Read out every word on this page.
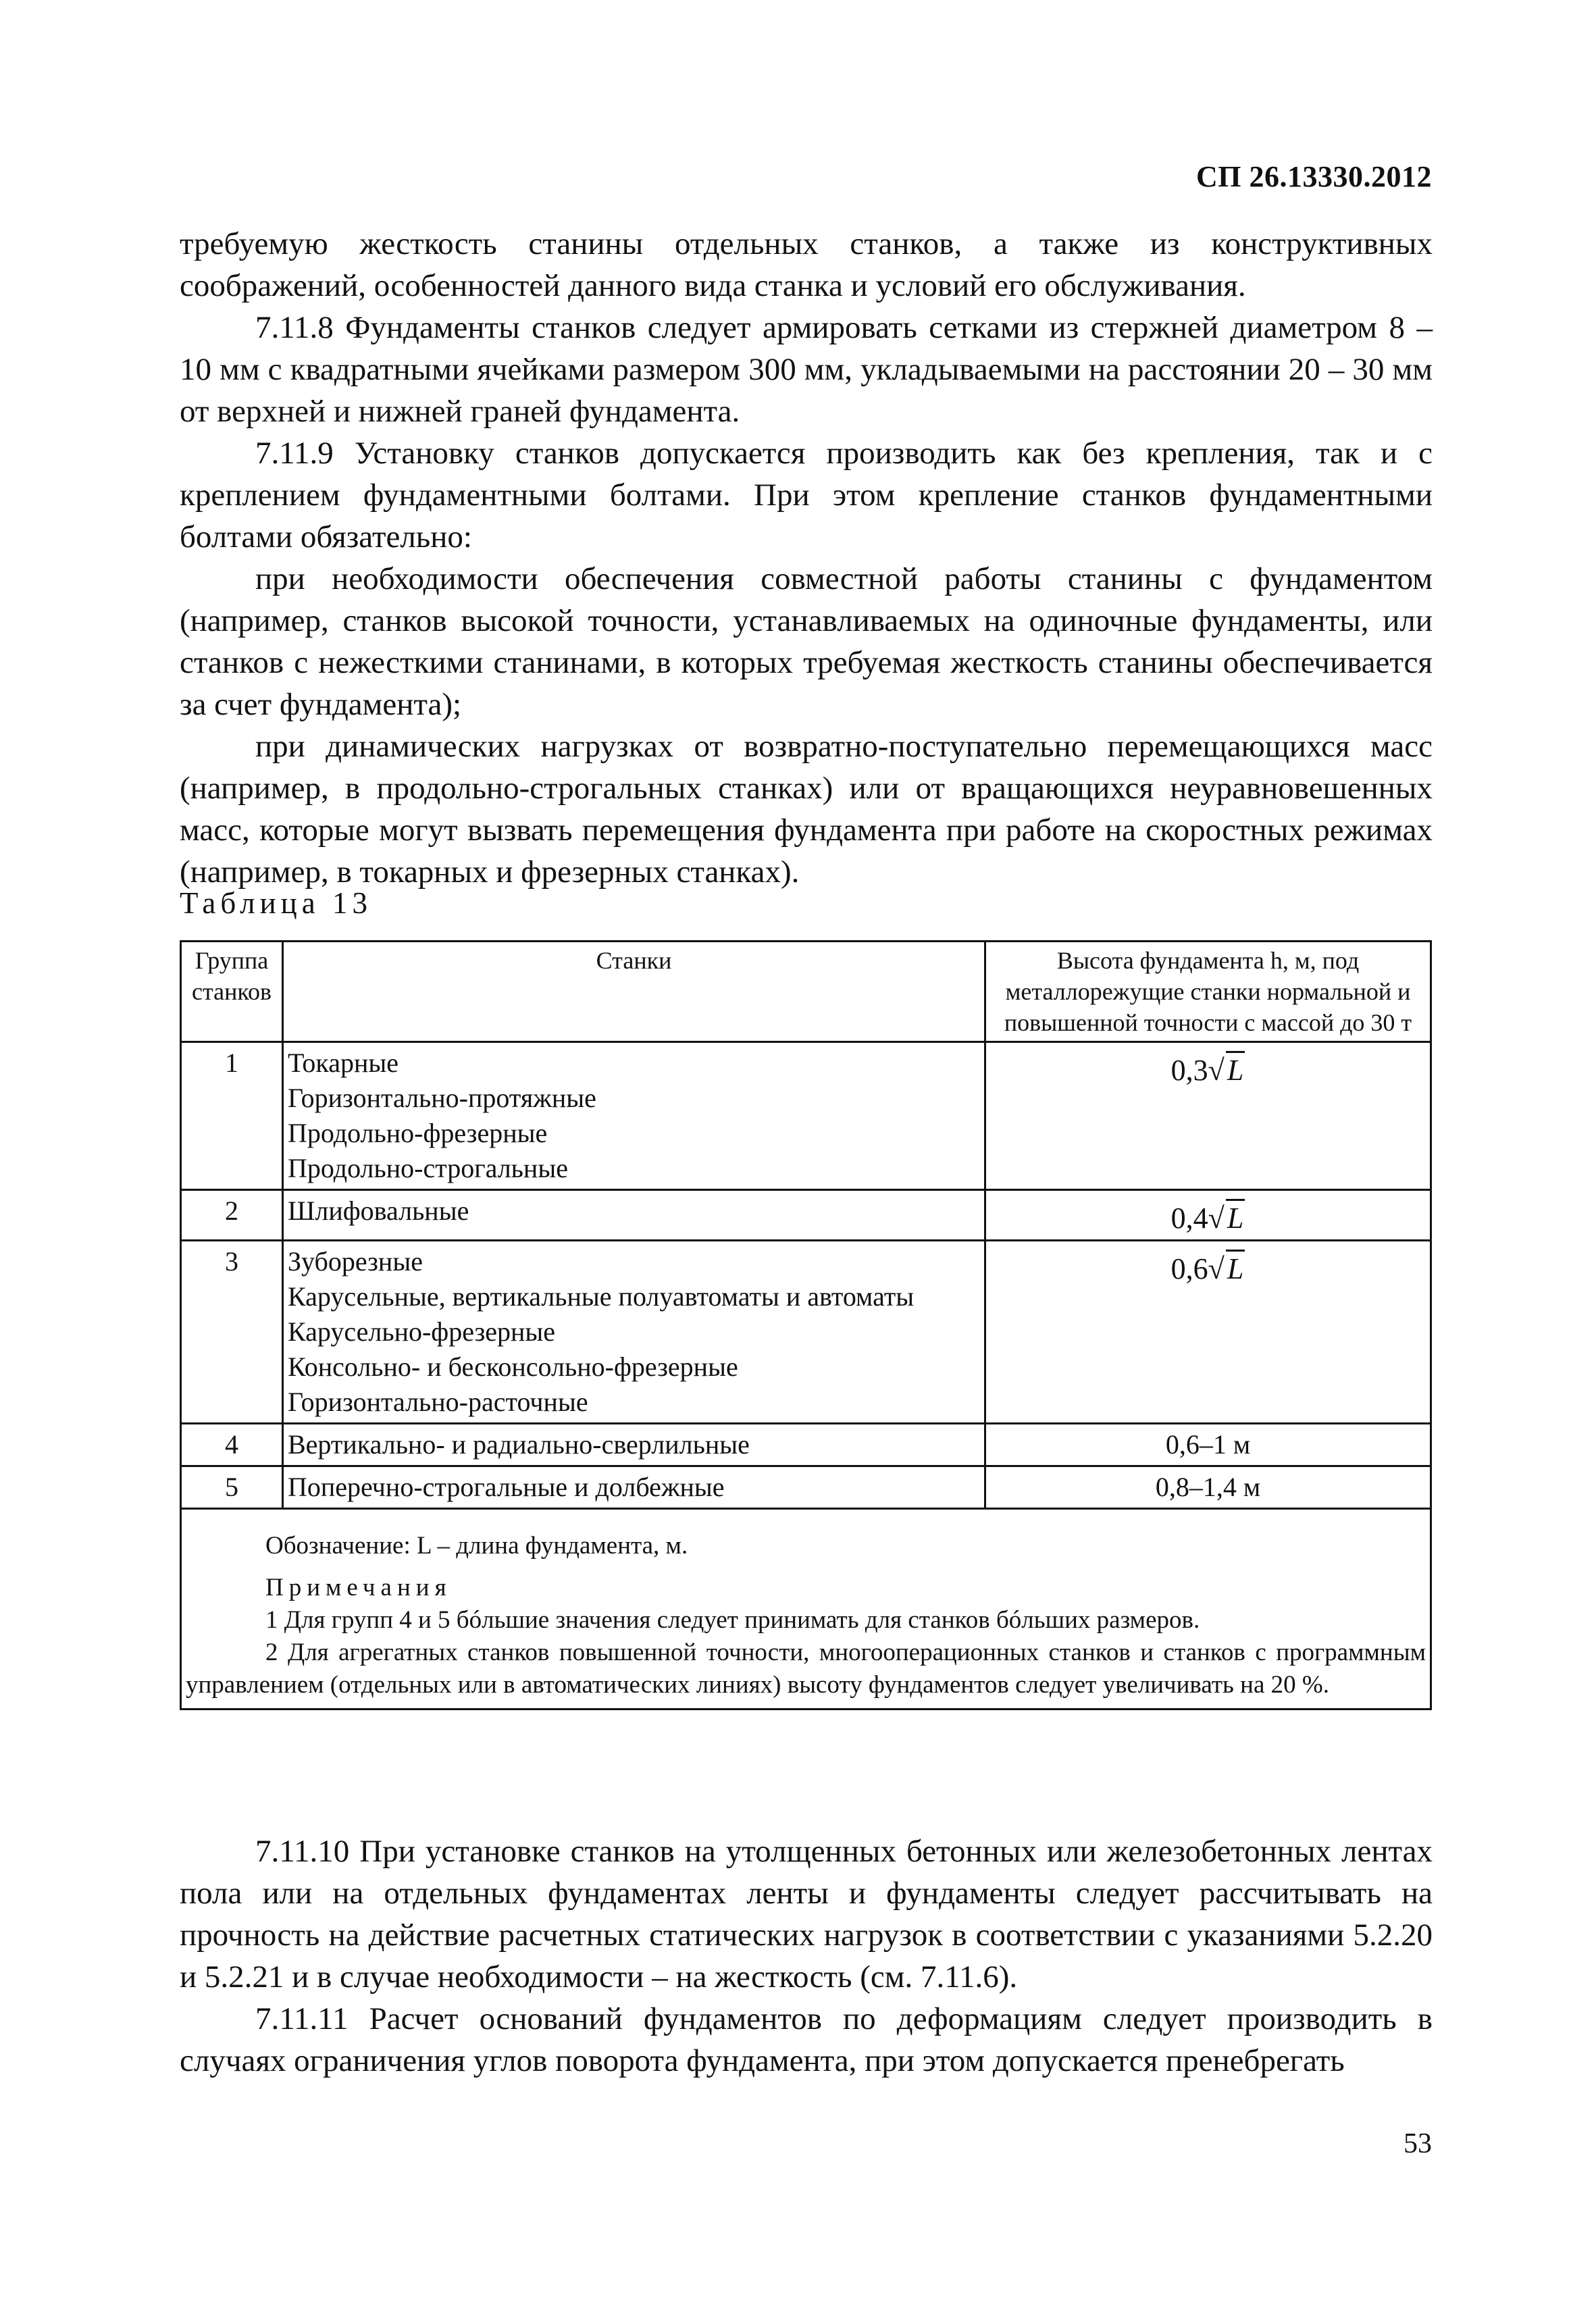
СП 26.13330.2012

требуемую жесткость станины отдельных станков, а также из конструктивных соображений, особенностей данного вида станка и условий его обслуживания.

7.11.8 Фундаменты станков следует армировать сетками из стержней диаметром 8 – 10 мм с квадратными ячейками размером 300 мм, укладываемыми на расстоянии 20 – 30 мм от верхней и нижней граней фундамента.

7.11.9 Установку станков допускается производить как без крепления, так и с креплением фундаментными болтами. При этом крепление станков фундаментными болтами обязательно:

при необходимости обеспечения совместной работы станины с фундаментом (например, станков высокой точности, устанавливаемых на одиночные фундаменты, или станков с нежесткими станинами, в которых требуемая жесткость станины обеспечивается за счет фундамента);

при динамических нагрузках от возвратно-поступательно перемещающихся масс (например, в продольно-строгальных станках) или от вращающихся неуравновешенных масс, которые могут вызвать перемещения фундамента при работе на скоростных режимах (например, в токарных и фрезерных станках).

Таблица 13
Группа станков	Станки	Высота фундамента h, м, под металлорежущие станки нормальной и повышенной точности с массой до 30 т
1	Токарные
Горизонтально-протяжные
Продольно-фрезерные
Продольно-строгальные	0,3√L
2	Шлифовальные	0,4√L
3	Зуборезные
Карусельные, вертикальные полуавтоматы и автоматы
Карусельно-фрезерные
Консольно- и бесконсольно-фрезерные
Горизонтально-расточные	0,6√L
4	Вертикально- и радиально-сверлильные	0,6–1 м
5	Поперечно-строгальные и долбежные	0,8–1,4 м

Обозначение: L – длина фундамента, м.

Примечания

1 Для групп 4 и 5 бóльшие значения следует принимать для станков бóльших размеров.

2 Для агрегатных станков повышенной точности, многооперационных станков и станков с программным управлением (отдельных или в автоматических линиях) высоту фундаментов следует увеличивать на 20 %.		

7.11.10 При установке станков на утолщенных бетонных или железобетонных лентах пола или на отдельных фундаментах ленты и фундаменты следует рассчитывать на прочность на действие расчетных статических нагрузок в соответствии с указаниями 5.2.20 и 5.2.21 и в случае необходимости – на жесткость (см. 7.11.6).

7.11.11 Расчет оснований фундаментов по деформациям следует производить в случаях ограничения углов поворота фундамента, при этом допускается пренебрегать

53
